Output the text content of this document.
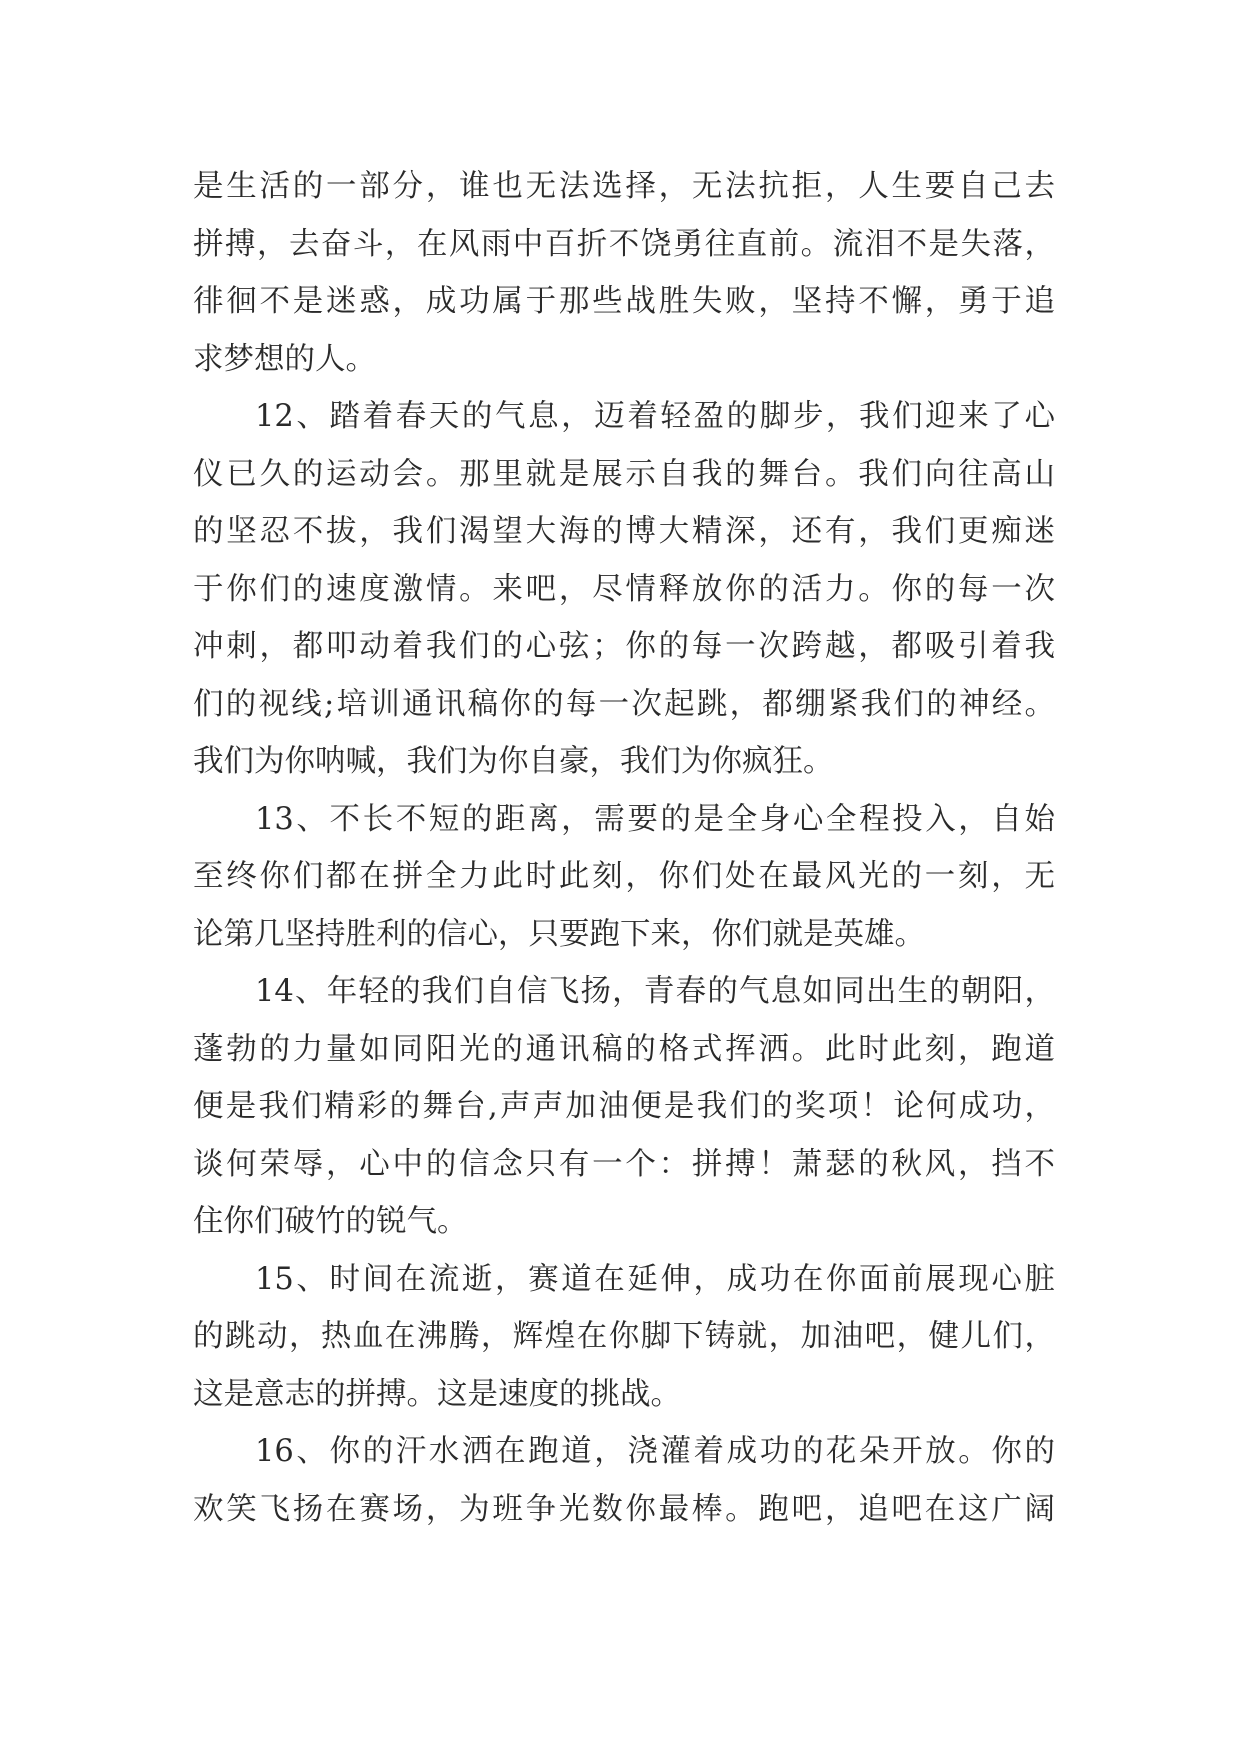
是生活的一部分，谁也无法选择，无法抗拒，人生要自己去
拼搏，去奋斗，在风雨中百折不饶勇往直前。流泪不是失落，
徘徊不是迷惑，成功属于那些战胜失败，坚持不懈，勇于追
求梦想的人。
12、踏着春天的气息，迈着轻盈的脚步，我们迎来了心
仪已久的运动会。那里就是展示自我的舞台。我们向往高山
的坚忍不拔，我们渴望大海的博大精深，还有，我们更痴迷
于你们的速度激情。来吧，尽情释放你的活力。你的每一次
冲刺，都叩动着我们的心弦；你的每一次跨越，都吸引着我
们的视线;培训通讯稿你的每一次起跳，都绷紧我们的神经。
我们为你呐喊，我们为你自豪，我们为你疯狂。
13、不长不短的距离，需要的是全身心全程投入，自始
至终你们都在拼全力此时此刻，你们处在最风光的一刻，无
论第几坚持胜利的信心，只要跑下来，你们就是英雄。
14、年轻的我们自信飞扬，青春的气息如同出生的朝阳，
蓬勃的力量如同阳光的通讯稿的格式挥洒。此时此刻，跑道
便是我们精彩的舞台,声声加油便是我们的奖项！论何成功，
谈何荣辱，心中的信念只有一个：拼搏！萧瑟的秋风，挡不
住你们破竹的锐气。
15、时间在流逝，赛道在延伸，成功在你面前展现心脏
的跳动，热血在沸腾，辉煌在你脚下铸就，加油吧，健儿们，
这是意志的拼搏。这是速度的挑战。
16、你的汗水洒在跑道，浇灌着成功的花朵开放。你的
欢笑飞扬在赛场，为班争光数你最棒。跑吧，追吧在这广阔
